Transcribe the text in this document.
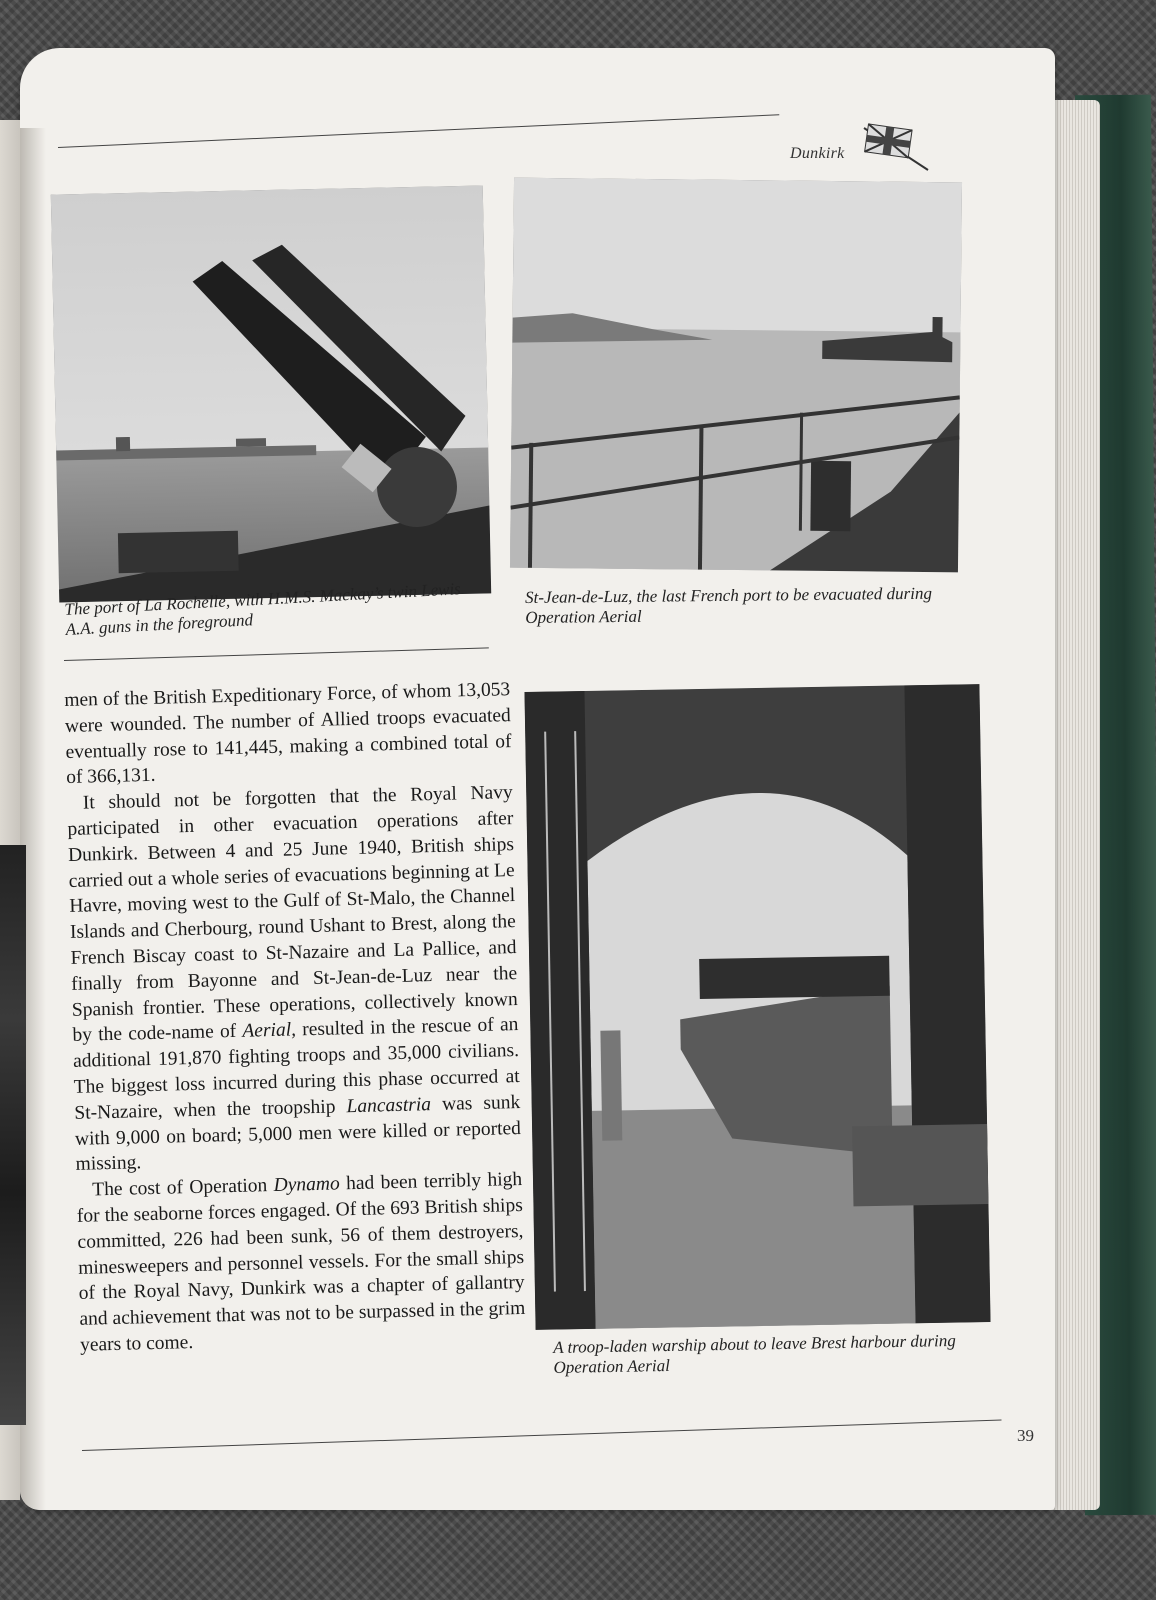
Dunkirk
The port of La Rochelle, with H.M.S. Mackay’s twin Lewis A.A. guns in the foreground
St-Jean-de-Luz, the last French port to be evacuated during Operation Aerial
A troop-laden warship about to leave Brest harbour during Operation Aerial

men of the British Expeditionary Force, of whom 13,053 were wounded. The number of Allied troops evacuated eventually rose to 141,445, making a combined total of of 366,131.

It should not be forgotten that the Royal Navy participated in other evacuation operations after Dunkirk. Between 4 and 25 June 1940, British ships carried out a whole series of evacuations beginning at Le Havre, moving west to the Gulf of St-Malo, the Channel Islands and Cherbourg, round Ushant to Brest, along the French Biscay coast to St-Nazaire and La Pallice, and finally from Bayonne and St-Jean-de-Luz near the Spanish frontier. These operations, collectively known by the code-name of Aerial, resulted in the rescue of an additional 191,870 fighting troops and 35,000 civilians. The biggest loss incurred during this phase occurred at St-Nazaire, when the troopship Lancastria was sunk with 9,000 on board; 5,000 men were killed or reported missing.

The cost of Operation Dynamo had been terribly high for the seaborne forces engaged. Of the 693 British ships committed, 226 had been sunk, 56 of them destroyers, minesweepers and personnel vessels. For the small ships of the Royal Navy, Dunkirk was a chapter of gallantry and achievement that was not to be surpassed in the grim years to come.

39
